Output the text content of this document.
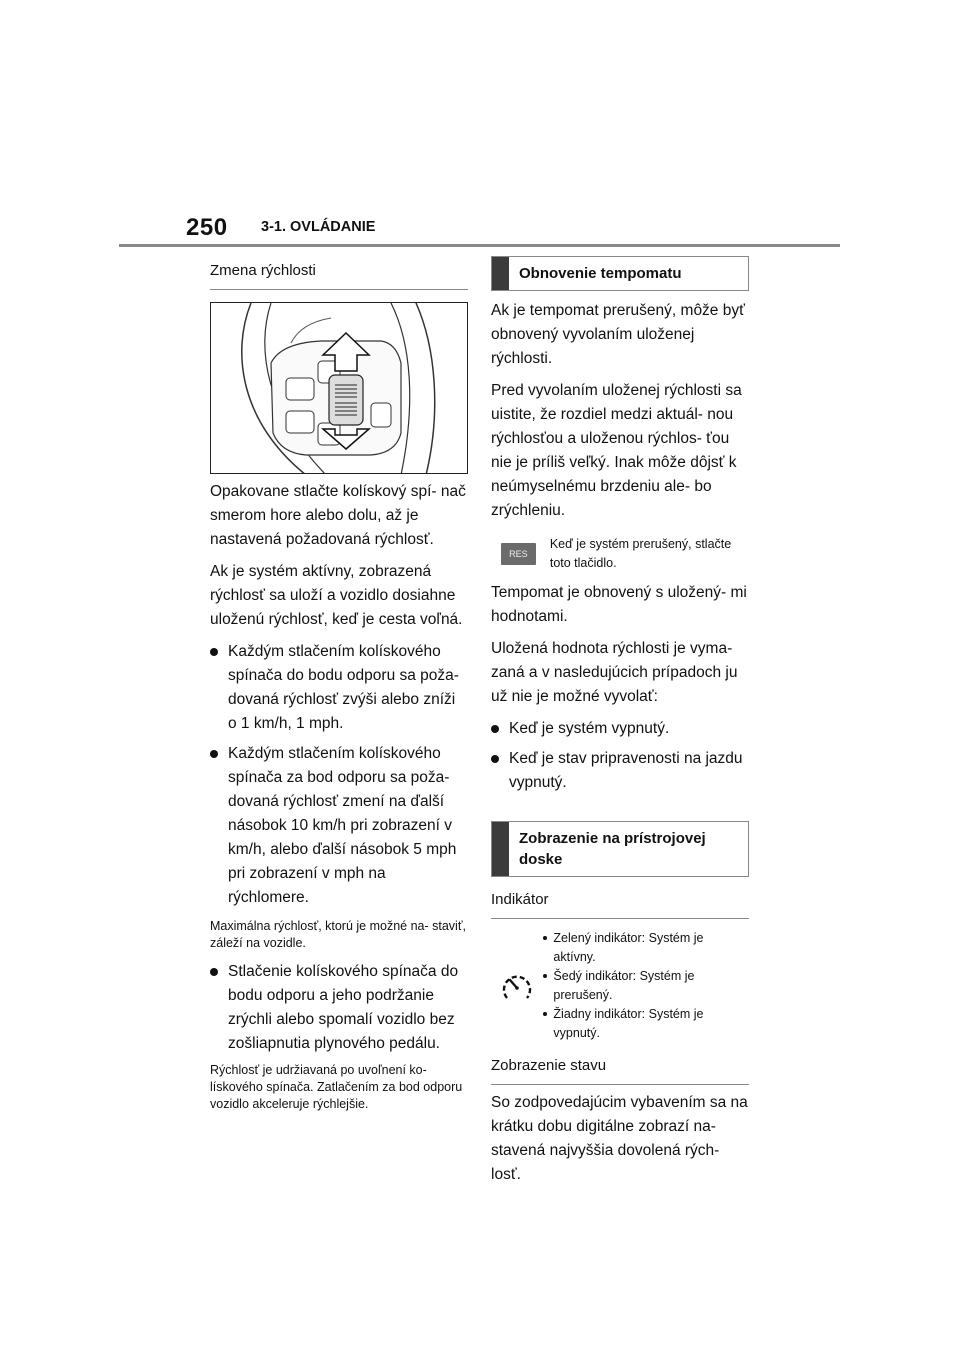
250 3-1. OVLÁDANIE
Zmena rýchlosti

Opakovane stlačte kolískový spí- nač smerom hore alebo dolu, až je nastavená požadovaná rýchlosť.

Ak je systém aktívny, zobrazená rýchlosť sa uloží a vozidlo dosiahne uloženú rýchlosť, keď je cesta voľná.

Každým stlačením kolískového spínača do bodu odporu sa poža- dovaná rýchlosť zvýši alebo zníži o 1 km/h, 1 mph.
Každým stlačením kolískového spínača za bod odporu sa poža- dovaná rýchlosť zmení na ďalší násobok 10 km/h pri zobrazení v km/h, alebo ďalší násobok 5 mph pri zobrazení v mph na rýchlomere.

Maximálna rýchlosť, ktorú je možné na- staviť, záleží na vozidle.

Stlačenie kolískového spínača do bodu odporu a jeho podržanie zrýchli alebo spomalí vozidlo bez zošliapnutia plynového pedálu.

Rýchlosť je udržiavaná po uvoľnení ko- lískového spínača. Zatlačením za bod odporu vozidlo akceleruje rýchlejšie.

Obnovenie tempomatu

Ak je tempomat prerušený, môže byť obnovený vyvolaním uloženej rýchlosti.

Pred vyvolaním uloženej rýchlosti sa uistite, že rozdiel medzi aktuál- nou rýchlosťou a uloženou rýchlos- ťou nie je príliš veľký. Inak môže dôjsť k neúmyselnému brzdeniu ale- bo zrýchleniu.

RES
Keď je systém prerušený, stlačte toto tlačidlo.

Tempomat je obnovený s uložený- mi hodnotami.

Uložená hodnota rýchlosti je vyma- zaná a v nasledujúcich prípadoch ju už nie je možné vyvolať:

Keď je systém vypnutý.
Keď je stav pripravenosti na jazdu vypnutý.
Zobrazenie na prístrojovej doske
Indikátor
Zelený indikátor: Systém je aktívny.
Šedý indikátor: Systém je prerušený.
Žiadny indikátor: Systém je vypnutý.
Zobrazenie stavu

So zodpovedajúcim vybavením sa na krátku dobu digitálne zobrazí na- stavená najvyššia dovolená rých- losť.
